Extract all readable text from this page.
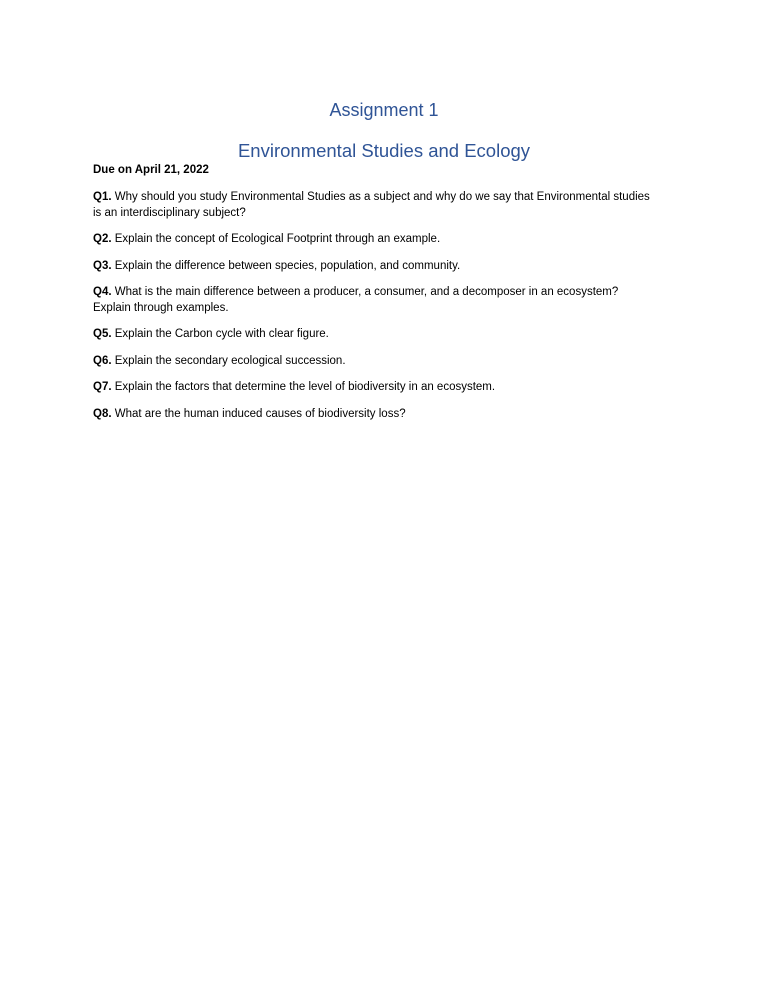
Assignment 1
Environmental Studies and Ecology

Due on April 21, 2022

Q1. Why should you study Environmental Studies as a subject and why do we say that Environmental studies is an interdisciplinary subject?
Q2. Explain the concept of Ecological Footprint through an example.
Q3. Explain the difference between species, population, and community.
Q4. What is the main difference between a producer, a consumer, and a decomposer in an ecosystem? Explain through examples.
Q5. Explain the Carbon cycle with clear figure.
Q6. Explain the secondary ecological succession.
Q7. Explain the factors that determine the level of biodiversity in an ecosystem.
Q8. What are the human induced causes of biodiversity loss?
